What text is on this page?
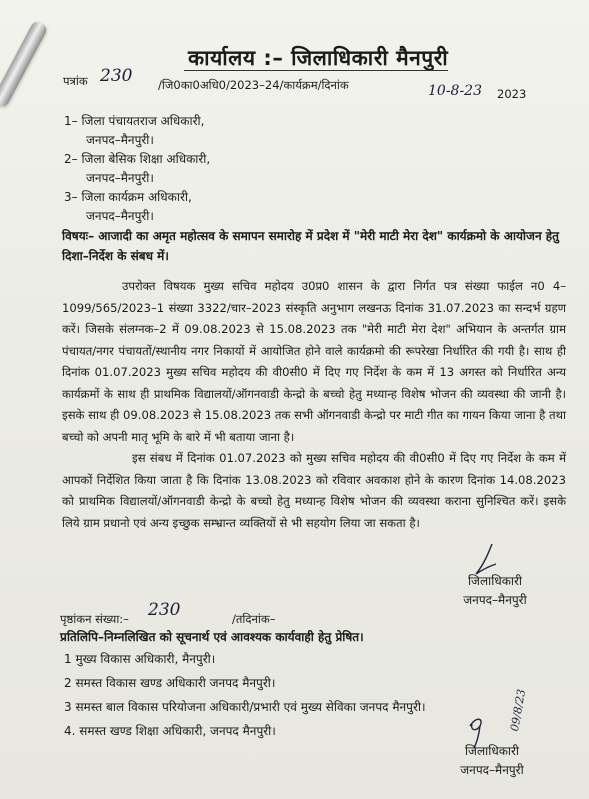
कार्यालय :– जिलाधिकारी मैनपुरी
पत्रांक 230 /जि0का0अधि0/2023–24/कार्यक्रम/दिनांक	10-8-23 2023
1– जिला पंचायतराज अधिकारी,
जनपद–मैनपुरी।
2– जिला बेसिक शिक्षा अधिकारी,
जनपद–मैनपुरी।
3– जिला कार्यक्रम अधिकारी,
जनपद–मैनपुरी।
विषयः– आजादी का अमृत महोत्सव के समापन समारोह में प्रदेश में "मेरी माटी मेरा देश" कार्यक्रमो के आयोजन हेतु दिशा–निर्देश के संबध में।
उपरोक्त विषयक मुख्य सचिव महोदय उ0प्र0 शासन के द्वारा निर्गत पत्र संख्या फाईल न0 4–1099/565/2023–1 संख्या 3322/चार–2023 संस्कृति अनुभाग लखनऊ दिनांक 31.07.2023 का सन्दर्भ ग्रहण करें। जिसके संलग्नक–2 में 09.08.2023 से 15.08.2023 तक "मेरी माटी मेरा देश" अभियान के अन्तर्गत ग्राम पंचायत/नगर पंचायतों/स्थानीय नगर निकायों में आयोजित होने वाले कार्यक्रमो की रूपरेखा निर्धारित की गयी है। साथ ही दिनांक 01.07.2023 मुख्य सचिव महोदय की वी0सी0 में दिए गए निर्देश के कम में 13 अगस्त को निर्धारित अन्य कार्यक्रमों के साथ ही प्राथमिक विद्यालयों/ऑगनवाडी केन्द्रो के बच्चो हेतु मध्यान्ह विशेष भोजन की व्यवस्था की जानी है। इसके साथ ही 09.08.2023 से 15.08.2023 तक सभी ऑगनवाडी केन्द्रो पर माटी गीत का गायन किया जाना है तथा बच्चो को अपनी मातृ भूमि के बारे में भी बताया जाना है।
इस संबध में दिनांक 01.07.2023 को मुख्य सचिव महोदय की वी0सी0 में दिए गए निर्देश के कम में आपकों निर्देशित किया जाता है कि दिनांक 13.08.2023 को रविवार अवकाश होने के कारण दिनांक 14.08.2023 को प्राथमिक विद्यालयों/ऑगनवाडी केन्द्रो के बच्चो हेतु मध्यान्ह विशेष भोजन की व्यवस्था कराना सुनिश्चित करें। इसके लिये ग्राम प्रधानो एवं अन्य इच्छुक सम्भ्रान्त व्यक्तियों से भी सहयोग लिया जा सकता है।
जिलाधिकारी
जनपद–मैनपुरी
पृष्ठांकन संख्या:– 230	/तदिनांक–
प्रतिलिपि–निम्नलिखित को सूचनार्थ एवं आवश्यक कार्यवाही हेतु प्रेषित।
1 मुख्य विकास अधिकारी, मैनपुरी।
2 समस्त विकास खण्ड अधिकारी जनपद मैनपुरी।
3 समस्त बाल विकास परियोजना अधिकारी/प्रभारी एवं मुख्य सेविका जनपद मैनपुरी।
4. समस्त खण्ड शिक्षा अधिकारी, जनपद मैनपुरी।	09/8/23
जिलाधिकारी
जनपद–मैनपुरी
